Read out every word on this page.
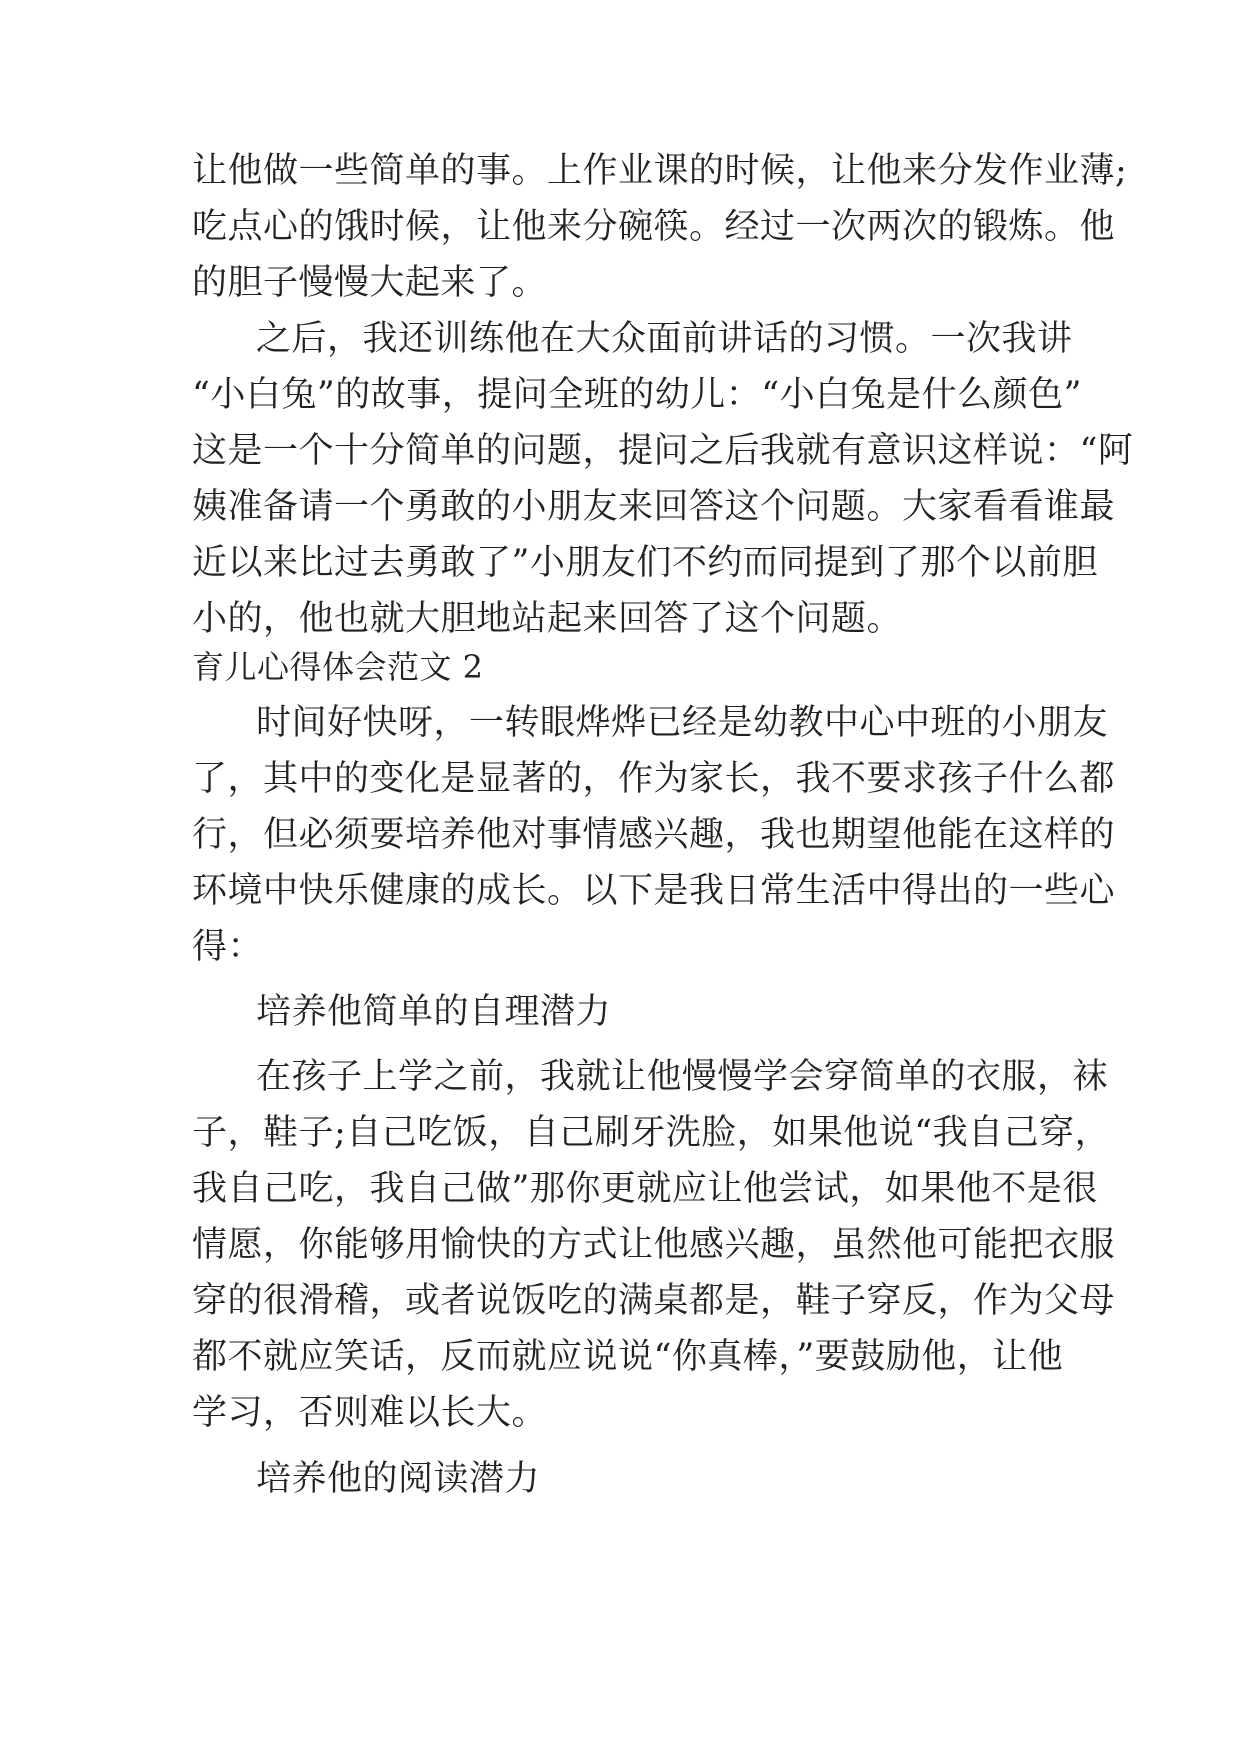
让他做一些简单的事。上作业课的时候，让他来分发作业薄;
吃点心的饿时候，让他来分碗筷。经过一次两次的锻炼。他
的胆子慢慢大起来了。
之后，我还训练他在大众面前讲话的习惯。一次我讲
“小白兔”的故事，提问全班的幼儿：“小白兔是什么颜色”
这是一个十分简单的问题，提问之后我就有意识这样说：“阿
姨准备请一个勇敢的小朋友来回答这个问题。大家看看谁最
近以来比过去勇敢了”小朋友们不约而同提到了那个以前胆
小的，他也就大胆地站起来回答了这个问题。
育儿心得体会范文 2
时间好快呀，一转眼烨烨已经是幼教中心中班的小朋友
了，其中的变化是显著的，作为家长，我不要求孩子什么都
行，但必须要培养他对事情感兴趣，我也期望他能在这样的
环境中快乐健康的成长。以下是我日常生活中得出的一些心
得：
培养他简单的自理潜力
在孩子上学之前，我就让他慢慢学会穿简单的衣服，袜
子，鞋子;自己吃饭，自己刷牙洗脸，如果他说“我自己穿，
我自己吃，我自己做”那你更就应让他尝试，如果他不是很
情愿，你能够用愉快的方式让他感兴趣，虽然他可能把衣服
穿的很滑稽，或者说饭吃的满桌都是，鞋子穿反，作为父母
都不就应笑话，反而就应说说“你真棒，”要鼓励他，让他
学习，否则难以长大。
培养他的阅读潜力
